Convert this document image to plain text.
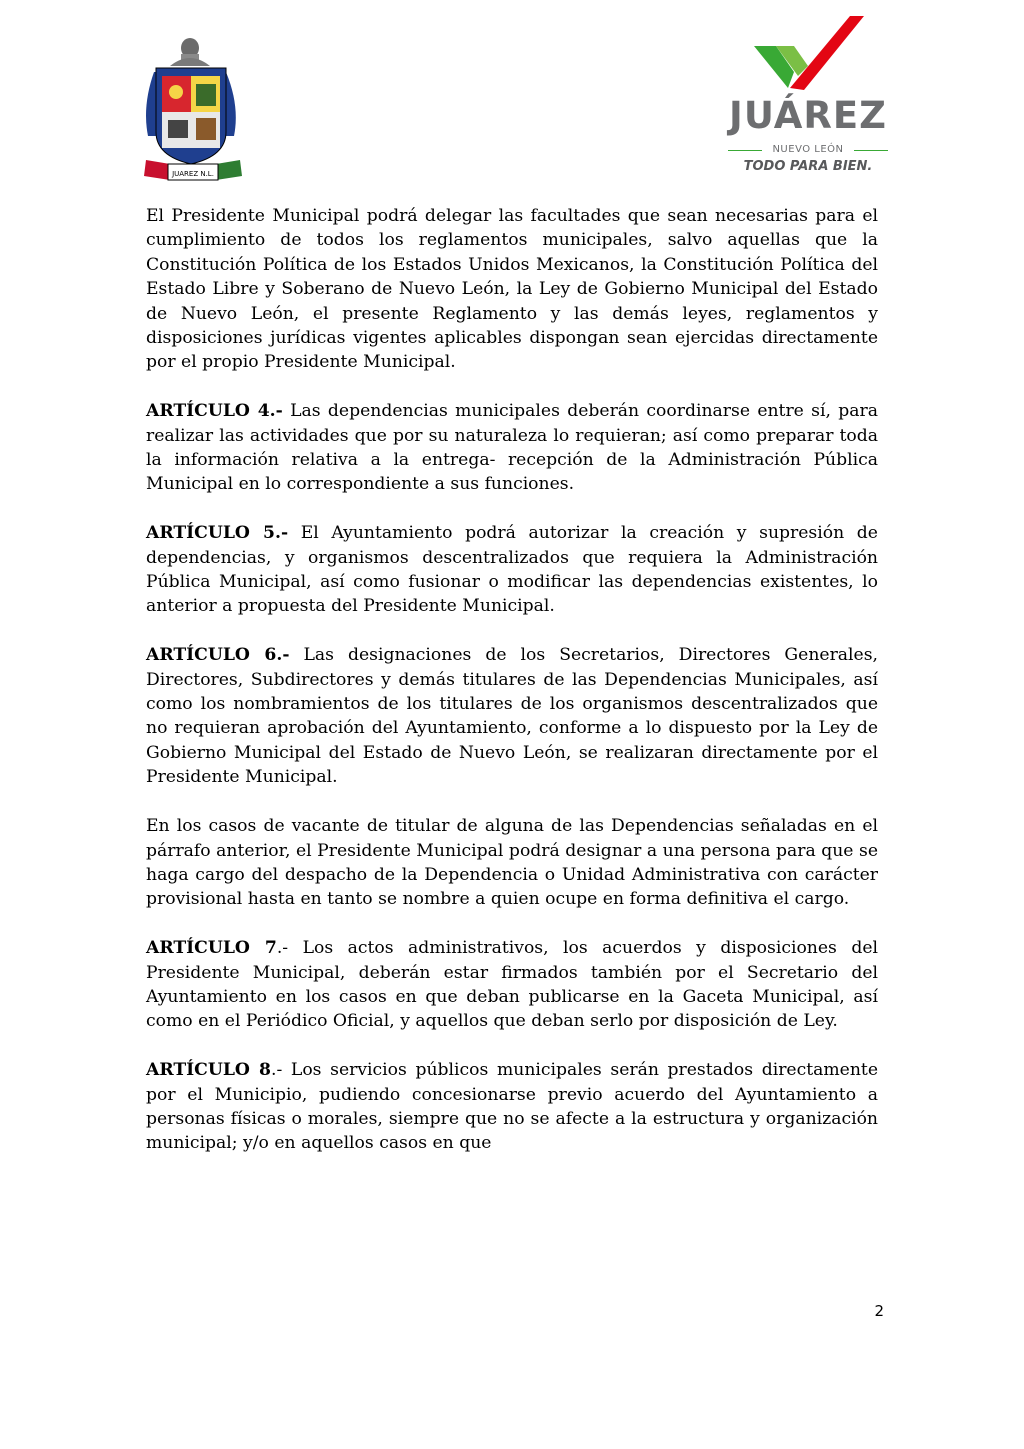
JUAREZ N.L.
JUÁREZ
NUEVO LEÓN
TODO PARA BIEN.

El Presidente Municipal podrá delegar las facultades que sean necesarias para el cumplimiento de todos los reglamentos municipales, salvo aquellas que la Constitución Política de los Estados Unidos Mexicanos, la Constitución Política del Estado Libre y Soberano de Nuevo León, la Ley de Gobierno Municipal del Estado de Nuevo León, el presente Reglamento y las demás leyes, reglamentos y disposiciones jurídicas vigentes aplicables dispongan sean ejercidas directamente por el propio Presidente Municipal.

ARTÍCULO 4.- Las dependencias municipales deberán coordinarse entre sí, para realizar las actividades que por su naturaleza lo requieran; así como preparar toda la información relativa a la entrega- recepción de la Administración Pública Municipal en lo correspondiente a sus funciones.

ARTÍCULO 5.- El Ayuntamiento podrá autorizar la creación y supresión de dependencias, y organismos descentralizados que requiera la Administración Pública Municipal, así como fusionar o modificar las dependencias existentes, lo anterior a propuesta del Presidente Municipal.

ARTÍCULO 6.- Las designaciones de los Secretarios, Directores Generales, Directores, Subdirectores y demás titulares de las Dependencias Municipales, así como los nombramientos de los titulares de los organismos descentralizados que no requieran aprobación del Ayuntamiento, conforme a lo dispuesto por la Ley de Gobierno Municipal del Estado de Nuevo León, se realizaran directamente por el Presidente Municipal.

En los casos de vacante de titular de alguna de las Dependencias señaladas en el párrafo anterior, el Presidente Municipal podrá designar a una persona para que se haga cargo del despacho de la Dependencia o Unidad Administrativa con carácter provisional hasta en tanto se nombre a quien ocupe en forma definitiva el cargo.

ARTÍCULO 7.- Los actos administrativos, los acuerdos y disposiciones del Presidente Municipal, deberán estar firmados también por el Secretario del Ayuntamiento en los casos en que deban publicarse en la Gaceta Municipal, así como en el Periódico Oficial, y aquellos que deban serlo por disposición de Ley.

ARTÍCULO 8.- Los servicios públicos municipales serán prestados directamente por el Municipio, pudiendo concesionarse previo acuerdo del Ayuntamiento a personas físicas o morales, siempre que no se afecte a la estructura y organización municipal; y/o en aquellos casos en que

2
